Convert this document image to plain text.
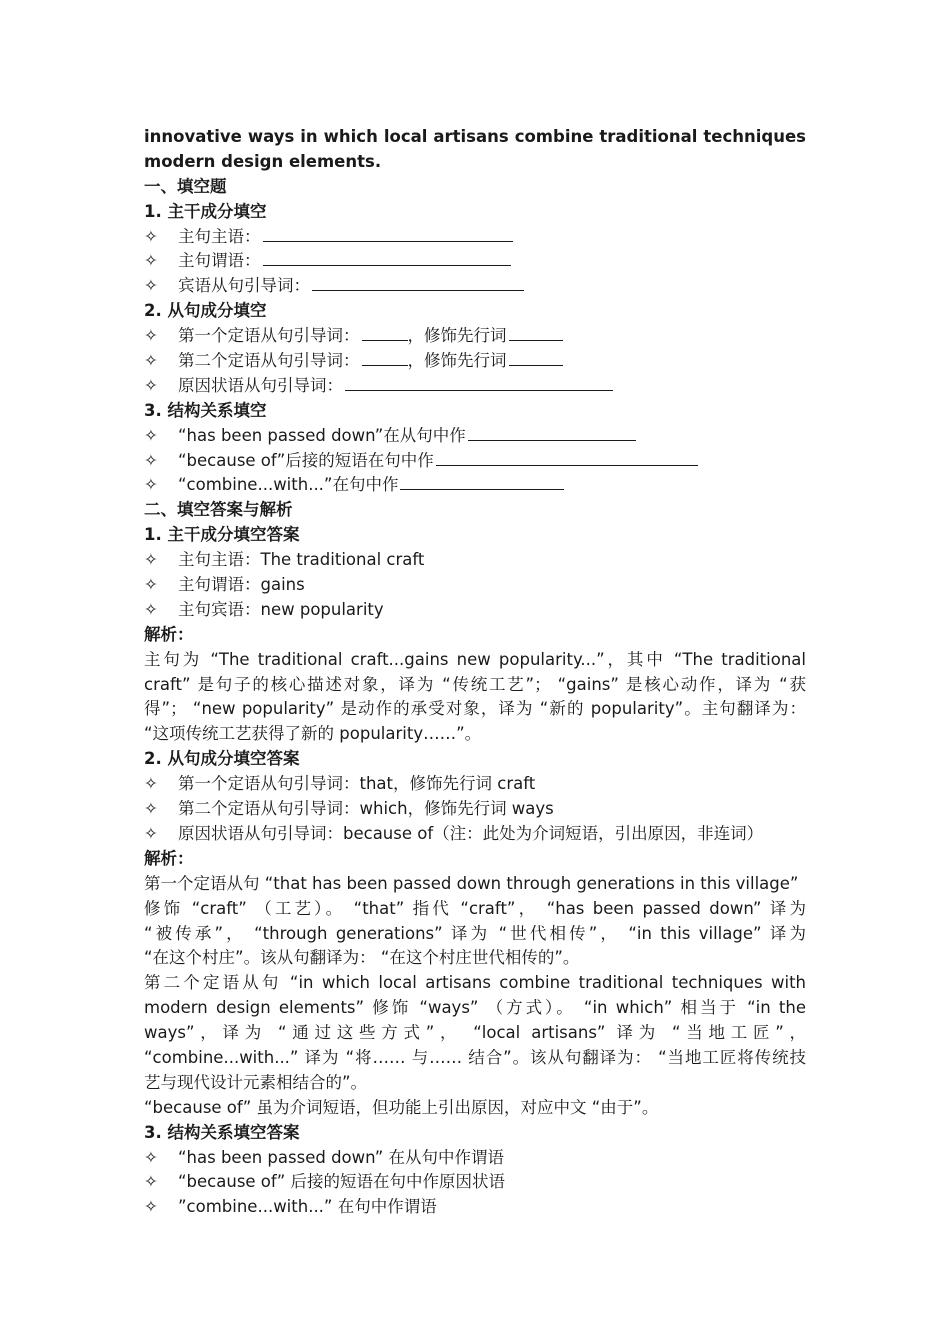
innovative ways in which local artisans combine traditional techniques
modern design elements.
一、填空题
1. 主干成分填空
✧ 主句主语：
✧ 主句谓语：
✧ 宾语从句引导词：
2. 从句成分填空
✧ 第一个定语从句引导词：	，修饰先行词
✧ 第二个定语从句引导词：	，修饰先行词
✧ 原因状语从句引导词：
3. 结构关系填空
✧ “has been passed down”在从句中作
✧ “because of”后接的短语在句中作
✧ “combine...with...”在句中作
二、填空答案与解析
1. 主干成分填空答案
✧ 主句主语：The traditional craft
✧ 主句谓语：gains
✧ 主句宾语：new popularity
解析：
主句为 “The traditional craft...gains new popularity...”，其中 “The traditional
craft” 是句子的核心描述对象，译为 “传统工艺”； “gains” 是核心动作，译为 “获
得”； “new popularity” 是动作的承受对象，译为 “新的 popularity”。主句翻译为：
“这项传统工艺获得了新的 popularity……”。
2. 从句成分填空答案
✧ 第一个定语从句引导词：that，修饰先行词 craft
✧ 第二个定语从句引导词：which，修饰先行词 ways
✧ 原因状语从句引导词：because of（注：此处为介词短语，引出原因，非连词）
解析：
第一个定语从句 “that has been passed down through generations in this village”
修饰 “craft” （工艺）。 “that” 指代 “craft”， “has been passed down” 译为
“被传承”， “through generations” 译为 “世代相传”， “in this village” 译为
“在这个村庄”。该从句翻译为： “在这个村庄世代相传的”。
第二个定语从句 “in which local artisans combine traditional techniques with
modern design elements” 修饰 “ways” （方式）。 “in which” 相当于 “in the
ways”，译为 “通过这些方式”， “local artisans” 译为 “当地工匠”，
“combine...with...” 译为 “将…… 与…… 结合”。该从句翻译为： “当地工匠将传统技
艺与现代设计元素相结合的”。
“because of” 虽为介词短语，但功能上引出原因，对应中文 “由于”。
3. 结构关系填空答案
✧ “has been passed down” 在从句中作谓语
✧ “because of” 后接的短语在句中作原因状语
✧ ”combine...with...” 在句中作谓语
